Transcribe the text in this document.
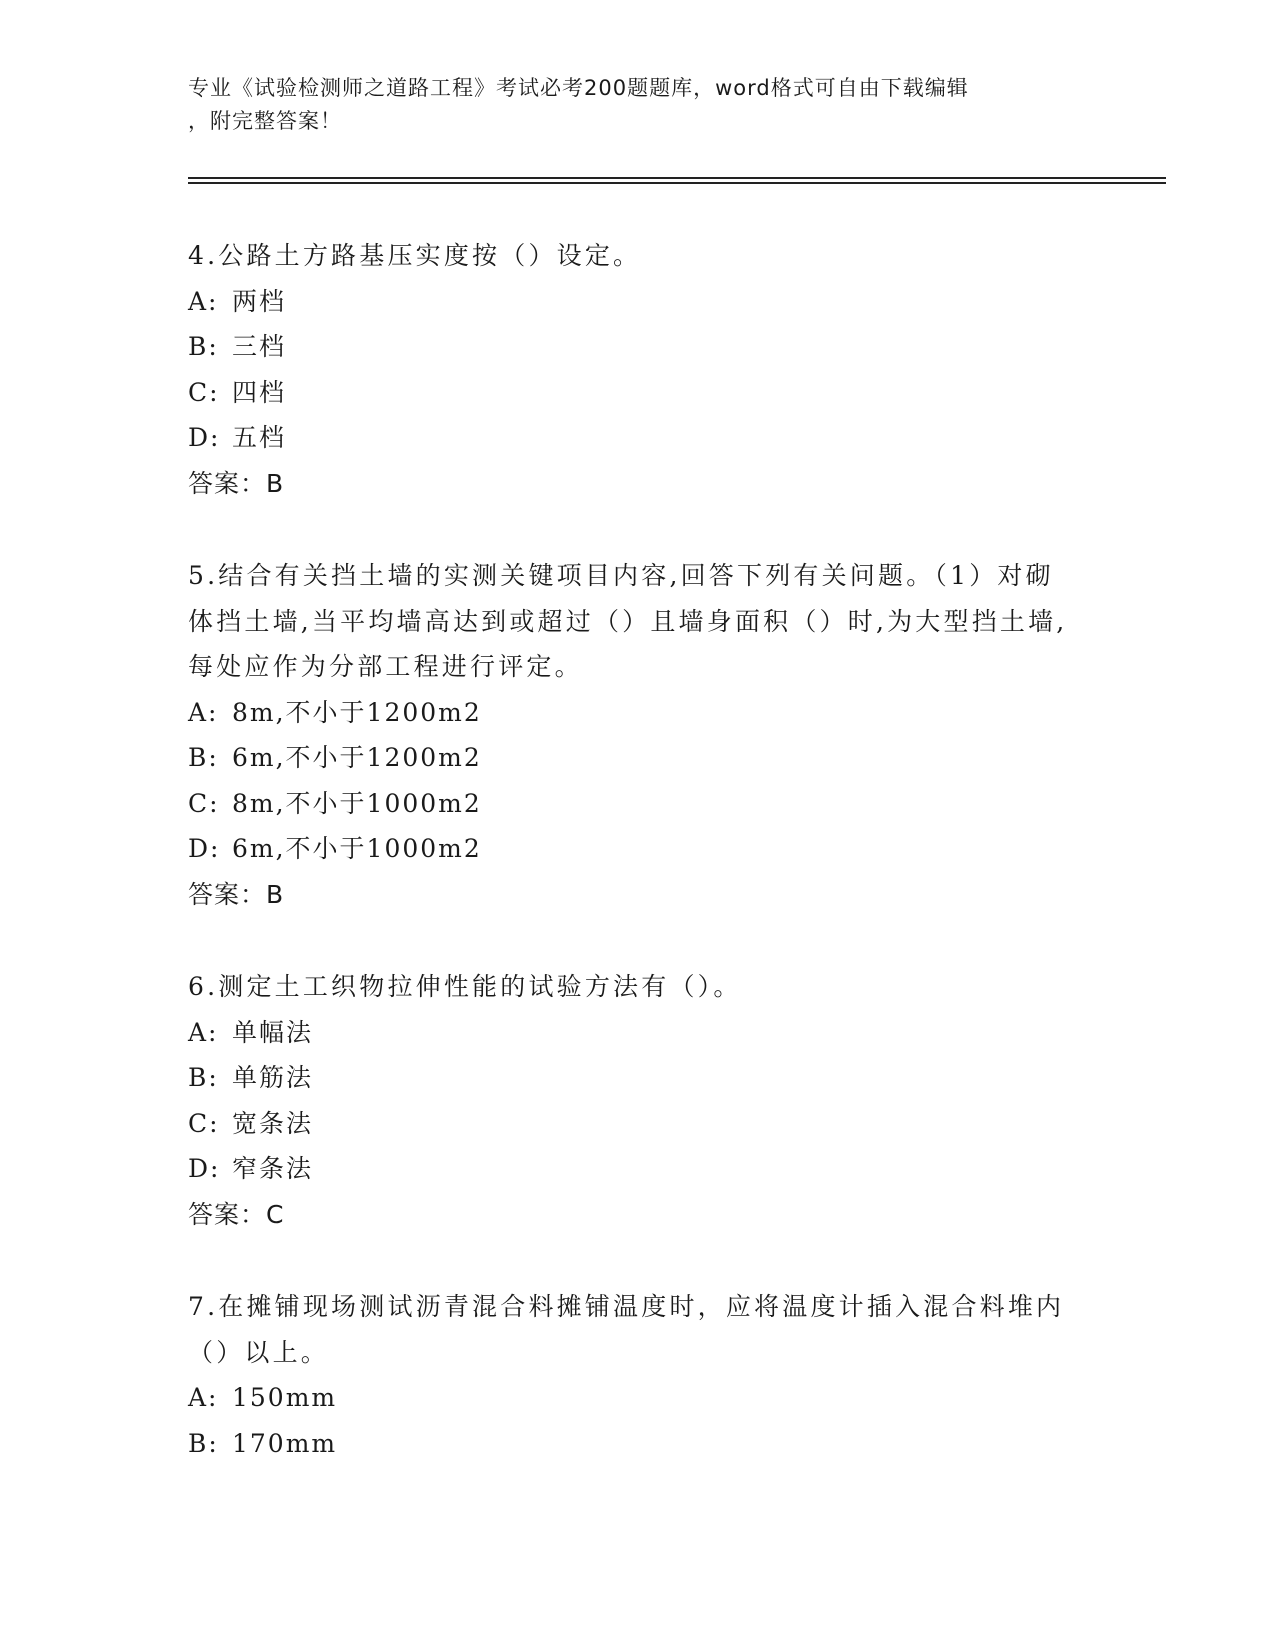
专业《试验检测师之道路工程》考试必考200题题库，word格式可自由下载编辑
，附完整答案！

4.公路土方路基压实度按（）设定。

A: 两档

B: 三档

C: 四档

D: 五档

答案：B

5.结合有关挡土墙的实测关键项目内容,回答下列有关问题。（1）对砌体挡土墙,当平均墙高达到或超过（）且墙身面积（）时,为大型挡土墙,每处应作为分部工程进行评定。

A: 8m,不小于1200m2

B: 6m,不小于1200m2

C: 8m,不小于1000m2

D: 6m,不小于1000m2

答案：B

6.测定土工织物拉伸性能的试验方法有（）。

A: 单幅法

B: 单筋法

C: 宽条法

D: 窄条法

答案：C

7.在摊铺现场测试沥青混合料摊铺温度时，应将温度计插入混合料堆内（）以上。

A: 150mm

B: 170mm
